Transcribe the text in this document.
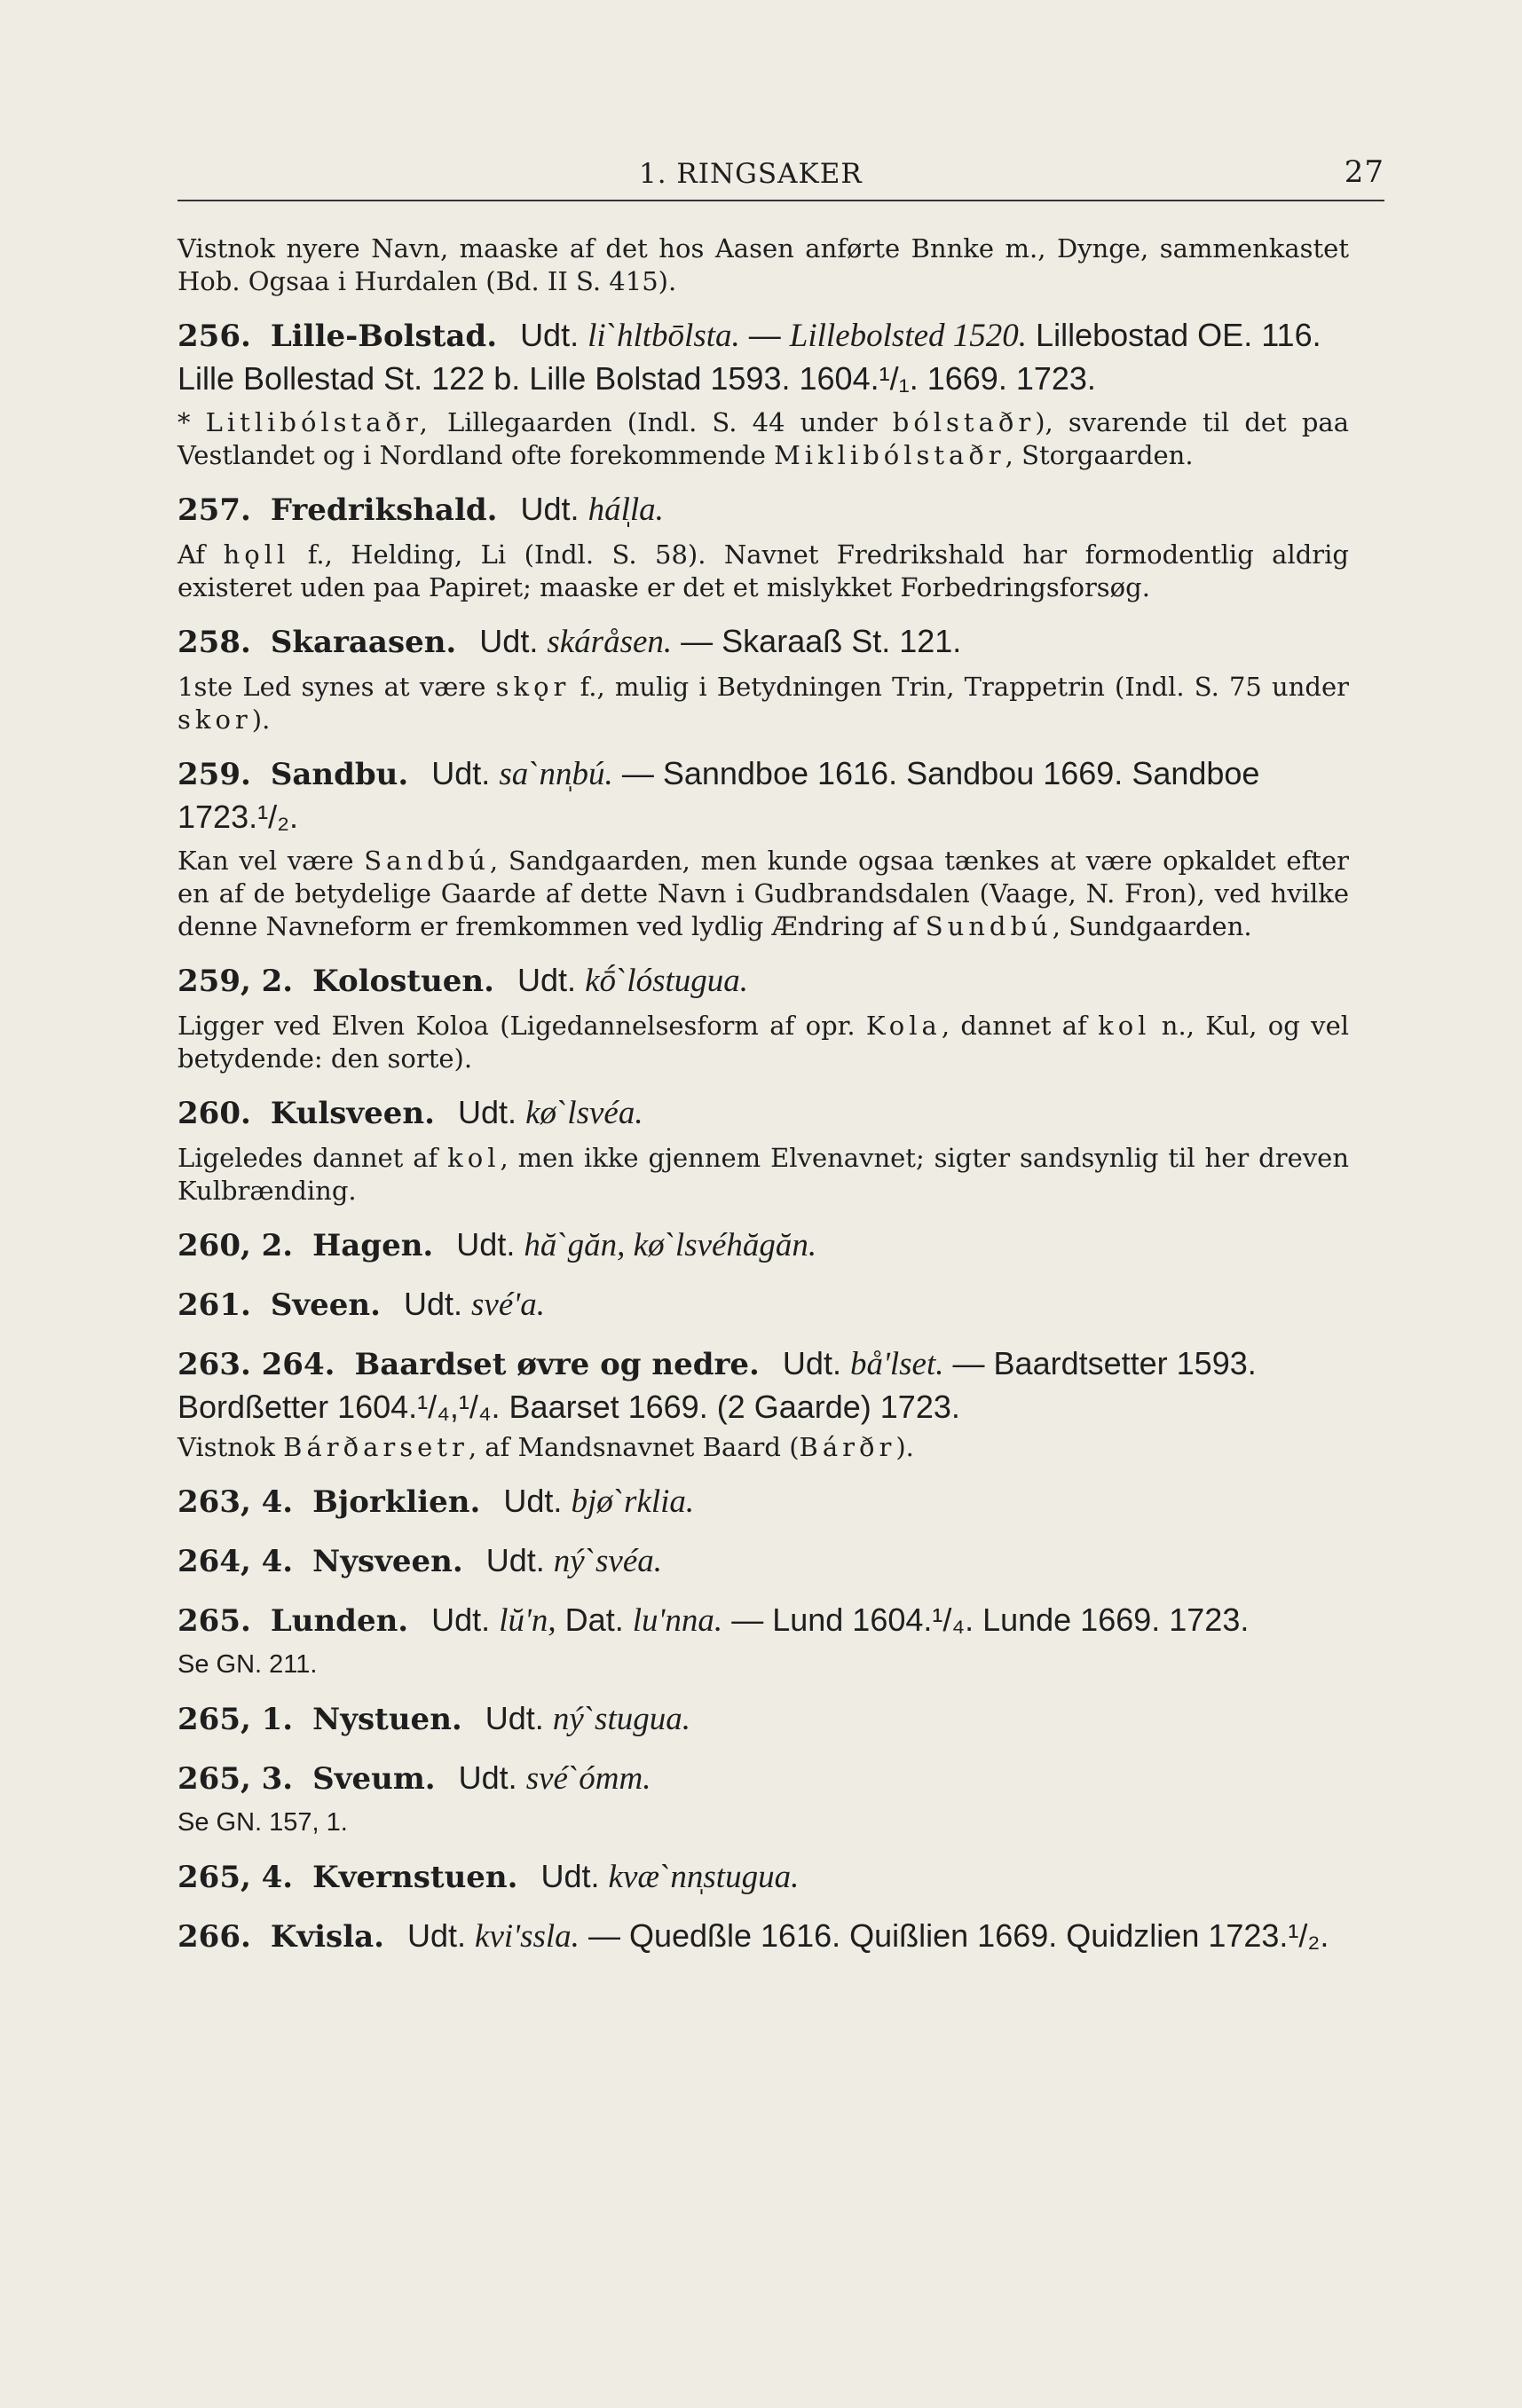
1. RINGSAKER	27

Vistnok nyere Navn, maaske af det hos Aasen anførte Bnnke m., Dynge, sammenkastet Hob. Ogsaa i Hurdalen (Bd. II S. 415).

256. Lille-Bolstad. Udt. liˋhltbōlsta. — Lillebolsted 1520. Lillebostad OE. 116. Lille Bollestad St. 122 b. Lille Bolstad 1593. 1604.¹/₁. 1669. 1723.

* Litlibólstaðr, Lillegaarden (Indl. S. 44 under bólstaðr), svarende til det paa Vestlandet og i Nordland ofte forekommende Miklibólstaðr, Storgaarden.

257. Fredrikshald. Udt. hál̩la.

Af hǫll f., Helding, Li (Indl. S. 58). Navnet Fredrikshald har formodentlig aldrig existeret uden paa Papiret; maaske er det et mislykket Forbedringsforsøg.

258. Skaraasen. Udt. skáråsen. — Skaraaß St. 121.

1ste Led synes at være skǫr f., mulig i Betydningen Trin, Trappetrin (Indl. S. 75 under skor).

259. Sandbu. Udt. saˋnn̩bú. — Sanndboe 1616. Sandbou 1669. Sandboe 1723.¹/₂.

Kan vel være Sandbú, Sandgaarden, men kunde ogsaa tænkes at være opkaldet efter en af de betydelige Gaarde af dette Navn i Gudbrandsdalen (Vaage, N. Fron), ved hvilke denne Navneform er fremkommen ved lydlig Ændring af Sundbú, Sundgaarden.

259, 2. Kolostuen. Udt. kṓˋlóstugua.

Ligger ved Elven Koloa (Ligedannelsesform af opr. Kola, dannet af kol n., Kul, og vel betydende: den sorte).

260. Kulsveen. Udt. køˋlsvéa.

Ligeledes dannet af kol, men ikke gjennem Elvenavnet; sigter sandsynlig til her dreven Kulbrænding.

260, 2. Hagen. Udt. hăˋgăn, køˋlsvéhăgăn.

261. Sveen. Udt. svéʹa.

263. 264. Baardset øvre og nedre. Udt. båʹlset. — Baardtsetter 1593. Bordßetter 1604.¹/₄,¹/₄. Baarset 1669. (2 Gaarde) 1723.

Vistnok Bárðarsetr, af Mandsnavnet Baard (Bárðr).

263, 4. Bjorklien. Udt. bjøˋrklia.

264, 4. Nysveen. Udt. nýˋsvéa.

265. Lunden. Udt. lŭʹn, Dat. luʹnna. — Lund 1604.¹/₄. Lunde 1669. 1723.

Se GN. 211.

265, 1. Nystuen. Udt. nýˋstugua.

265, 3. Sveum. Udt. svéˋómm.

Se GN. 157, 1.

265, 4. Kvernstuen. Udt. kvæˋnn̩stugua.

266. Kvisla. Udt. kviʹssla. — Quedßle 1616. Quißlien 1669. Quidzlien 1723.¹/₂.
